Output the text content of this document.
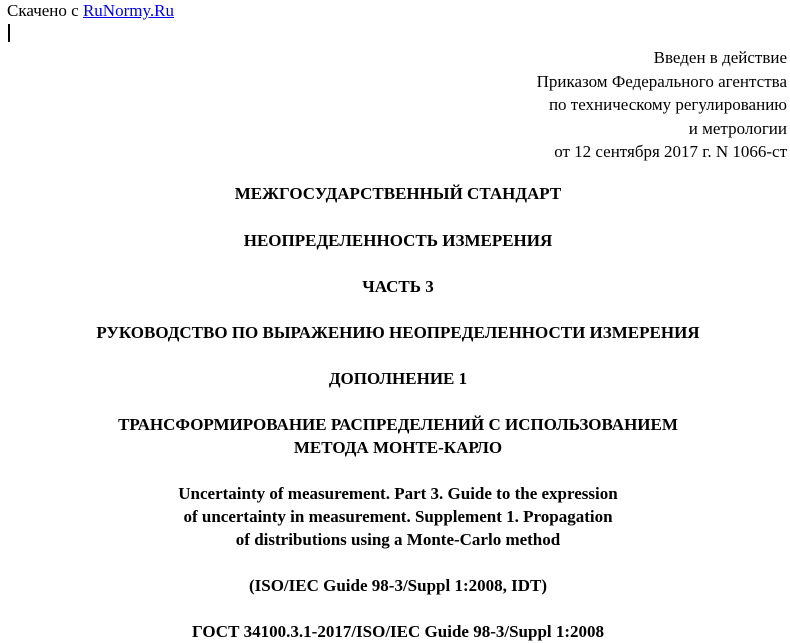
Скачено с RuNormy.Ru
Введен в действие
Приказом Федерального агентства
по техническому регулированию
и метрологии
от 12 сентября 2017 г. N 1066-ст
МЕЖГОСУДАРСТВЕННЫЙ СТАНДАРТ
НЕОПРЕДЕЛЕННОСТЬ ИЗМЕРЕНИЯ
ЧАСТЬ 3
РУКОВОДСТВО ПО ВЫРАЖЕНИЮ НЕОПРЕДЕЛЕННОСТИ ИЗМЕРЕНИЯ
ДОПОЛНЕНИЕ 1
ТРАНСФОРМИРОВАНИЕ РАСПРЕДЕЛЕНИЙ С ИСПОЛЬЗОВАНИЕМ
МЕТОДА МОНТЕ-КАРЛО
Uncertainty of measurement. Part 3. Guide to the expression
of uncertainty in measurement. Supplement 1. Propagation
of distributions using a Monte-Carlo method
(ISO/IEC Guide 98-3/Suppl 1:2008, IDT)
ГОСТ 34100.3.1-2017/ISO/IEC Guide 98-3/Suppl 1:2008
